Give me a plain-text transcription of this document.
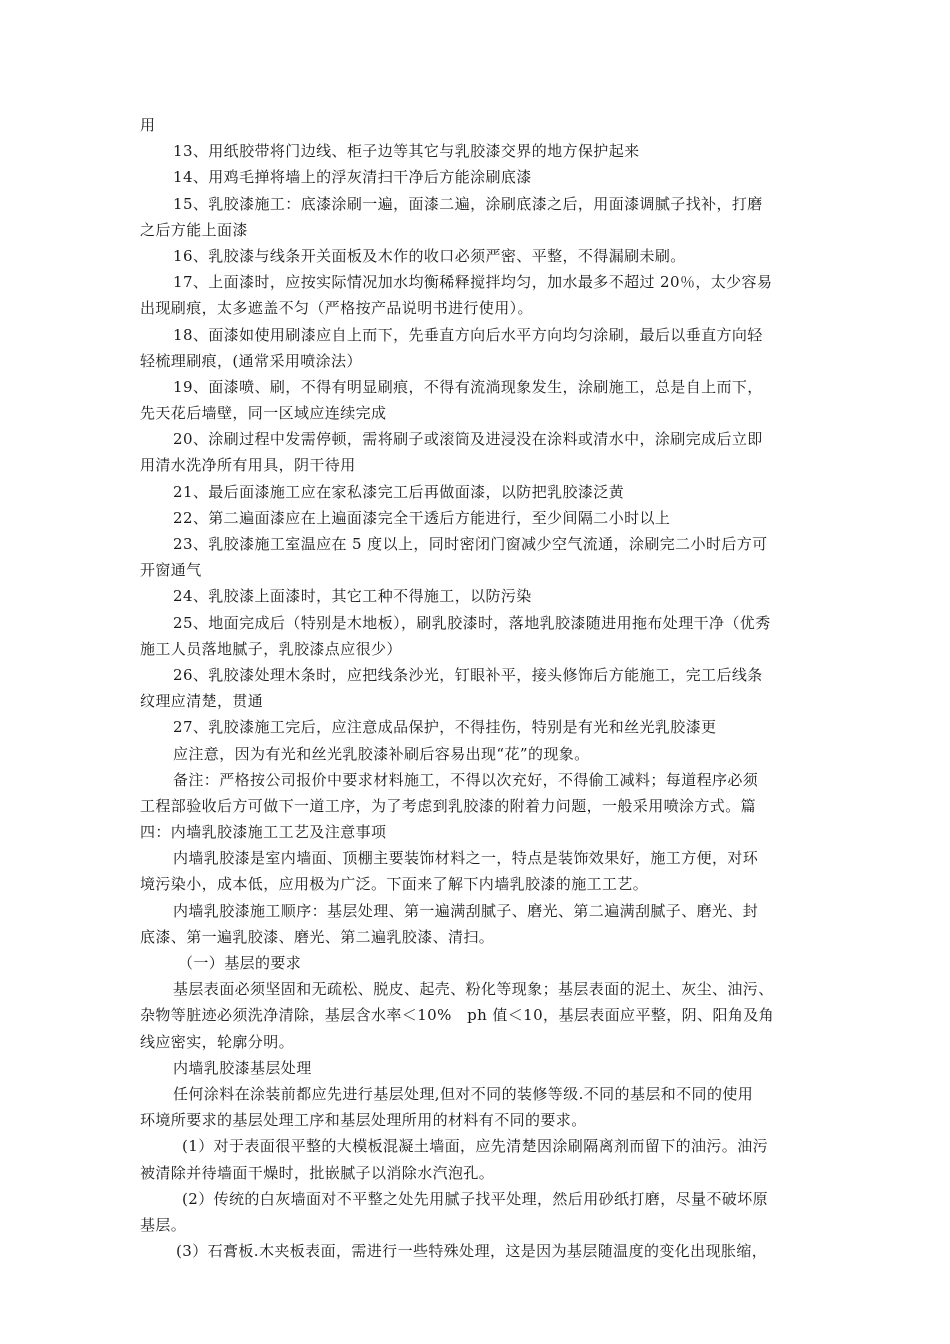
用
13、用纸胶带将门边线、柜子边等其它与乳胶漆交界的地方保护起来
14、用鸡毛掸将墙上的浮灰清扫干净后方能涂刷底漆
15、乳胶漆施工：底漆涂刷一遍，面漆二遍，涂刷底漆之后，用面漆调腻子找补，打磨
之后方能上面漆
16、乳胶漆与线条开关面板及木作的收口必须严密、平整，不得漏刷未刷。
17、上面漆时，应按实际情况加水均衡稀释搅拌均匀，加水最多不超过 20％，太少容易
出现刷痕，太多遮盖不匀（严格按产品说明书进行使用）。
18、面漆如使用刷漆应自上而下，先垂直方向后水平方向均匀涂刷，最后以垂直方向轻
轻梳理刷痕，(通常采用喷涂法）
19、面漆喷、刷，不得有明显刷痕，不得有流淌现象发生，涂刷施工，总是自上而下，
先天花后墙壁，同一区域应连续完成
20、涂刷过程中发需停顿，需将刷子或滚筒及进浸没在涂料或清水中，涂刷完成后立即
用清水洗净所有用具，阴干待用
21、最后面漆施工应在家私漆完工后再做面漆，以防把乳胶漆泛黄
22、第二遍面漆应在上遍面漆完全干透后方能进行，至少间隔二小时以上
23、乳胶漆施工室温应在 5 度以上，同时密闭门窗减少空气流通，涂刷完二小时后方可
开窗通气
24、乳胶漆上面漆时，其它工种不得施工，以防污染
25、地面完成后（特别是木地板），刷乳胶漆时，落地乳胶漆随进用拖布处理干净（优秀
施工人员落地腻子，乳胶漆点应很少）
26、乳胶漆处理木条时，应把线条沙光，钉眼补平，接头修饰后方能施工，完工后线条
纹理应清楚，贯通
27、乳胶漆施工完后，应注意成品保护，不得挂伤，特别是有光和丝光乳胶漆更
应注意，因为有光和丝光乳胶漆补刷后容易出现“花”的现象。
备注：严格按公司报价中要求材料施工，不得以次充好，不得偷工减料；每道程序必须
工程部验收后方可做下一道工序，为了考虑到乳胶漆的附着力问题，一般采用喷涂方式。篇
四：内墙乳胶漆施工工艺及注意事项
内墙乳胶漆是室内墙面、顶棚主要装饰材料之一，特点是装饰效果好，施工方便，对环
境污染小，成本低，应用极为广泛。下面来了解下内墙乳胶漆的施工工艺。
内墙乳胶漆施工顺序：基层处理、第一遍满刮腻子、磨光、第二遍满刮腻子、磨光、封
底漆、第一遍乳胶漆、磨光、第二遍乳胶漆、清扫。
（一）基层的要求
基层表面必须坚固和无疏松、脱皮、起壳、粉化等现象；基层表面的泥土、灰尘、油污、
杂物等脏迹必须洗净清除，基层含水率＜10%　ph 值＜10，基层表面应平整，阴、阳角及角
线应密实，轮廓分明。
内墙乳胶漆基层处理
任何涂料在涂装前都应先进行基层处理,但对不同的装修等级.不同的基层和不同的使用
环境所要求的基层处理工序和基层处理所用的材料有不同的要求。
(1）对于表面很平整的大模板混凝土墙面，应先清楚因涂刷隔离剂而留下的油污。油污
被清除并待墙面干燥时，批嵌腻子以消除水汽泡孔。
(2）传统的白灰墙面对不平整之处先用腻子找平处理，然后用砂纸打磨，尽量不破坏原
基层。
(3）石膏板.木夹板表面，需进行一些特殊处理，这是因为基层随温度的变化出现胀缩，
